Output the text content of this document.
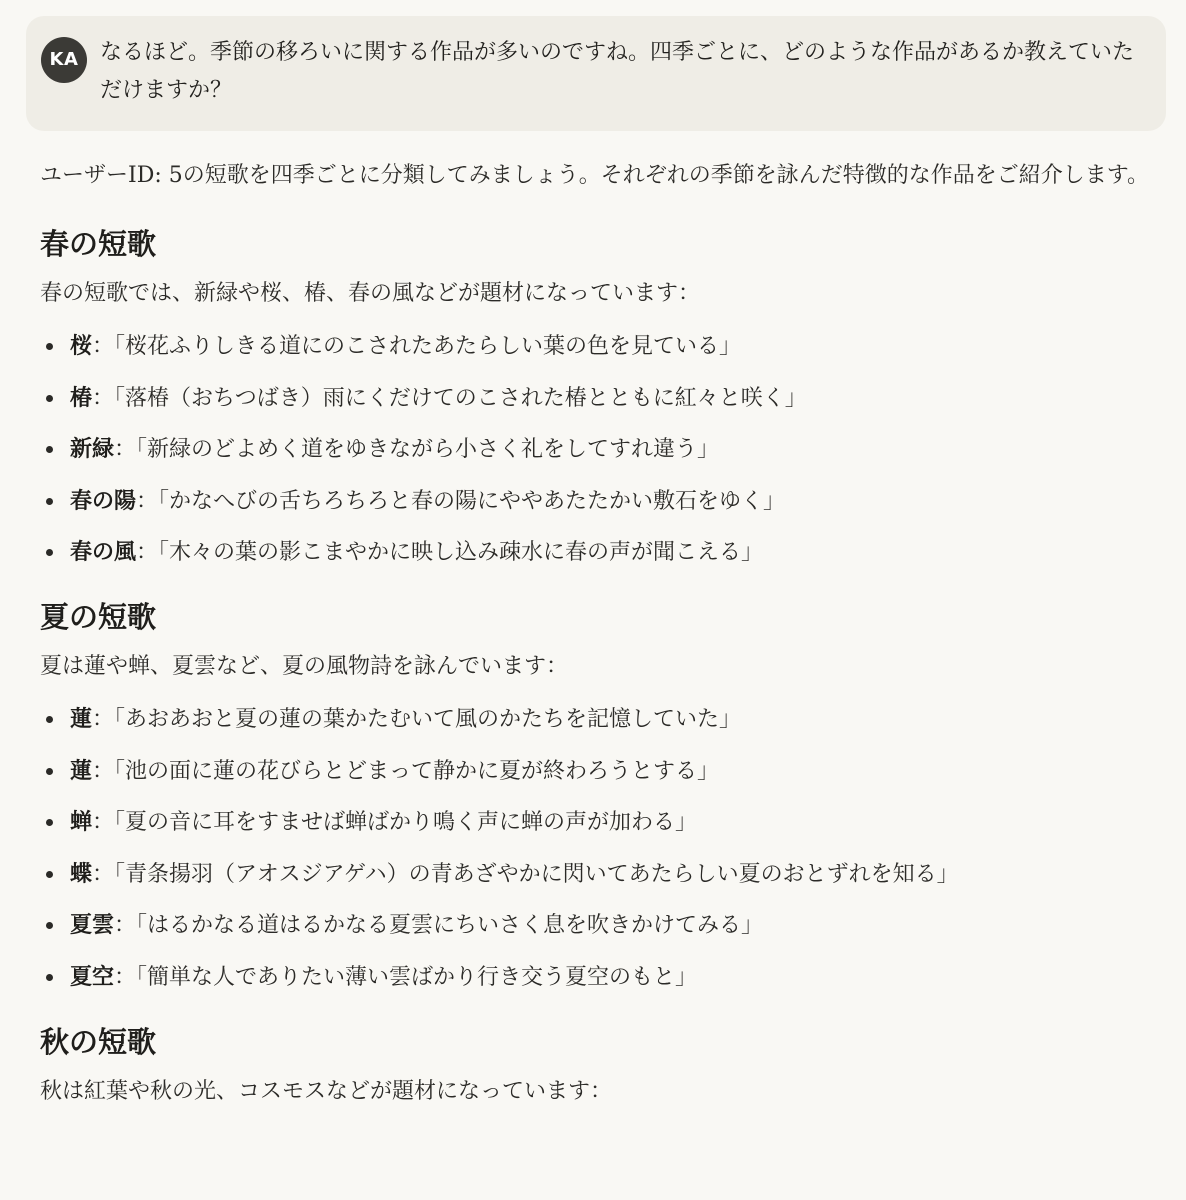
KA なるほど。季節の移ろいに関する作品が多いのですね。四季ごとに、どのような作品があるか教えていただけますか？

ユーザーID: 5の短歌を四季ごとに分類してみましょう。それぞれの季節を詠んだ特徴的な作品をご紹介します。

春の短歌

春の短歌では、新緑や桜、椿、春の風などが題材になっています：

桜：「桜花ふりしきる道にのこされたあたらしい葉の色を見ている」
椿：「落椿（おちつばき）雨にくだけてのこされた椿とともに紅々と咲く」
新緑：「新緑のどよめく道をゆきながら小さく礼をしてすれ違う」
春の陽：「かなへびの舌ちろちろと春の陽にややあたたかい敷石をゆく」
春の風：「木々の葉の影こまやかに映し込み疎水に春の声が聞こえる」
夏の短歌

夏は蓮や蝉、夏雲など、夏の風物詩を詠んでいます：

蓮：「あおあおと夏の蓮の葉かたむいて風のかたちを記憶していた」
蓮：「池の面に蓮の花びらとどまって静かに夏が終わろうとする」
蝉：「夏の音に耳をすませば蝉ばかり鳴く声に蝉の声が加わる」
蝶：「青条揚羽（アオスジアゲハ）の青あざやかに閃いてあたらしい夏のおとずれを知る」
夏雲：「はるかなる道はるかなる夏雲にちいさく息を吹きかけてみる」
夏空：「簡単な人でありたい薄い雲ばかり行き交う夏空のもと」
秋の短歌

秋は紅葉や秋の光、コスモスなどが題材になっています：
